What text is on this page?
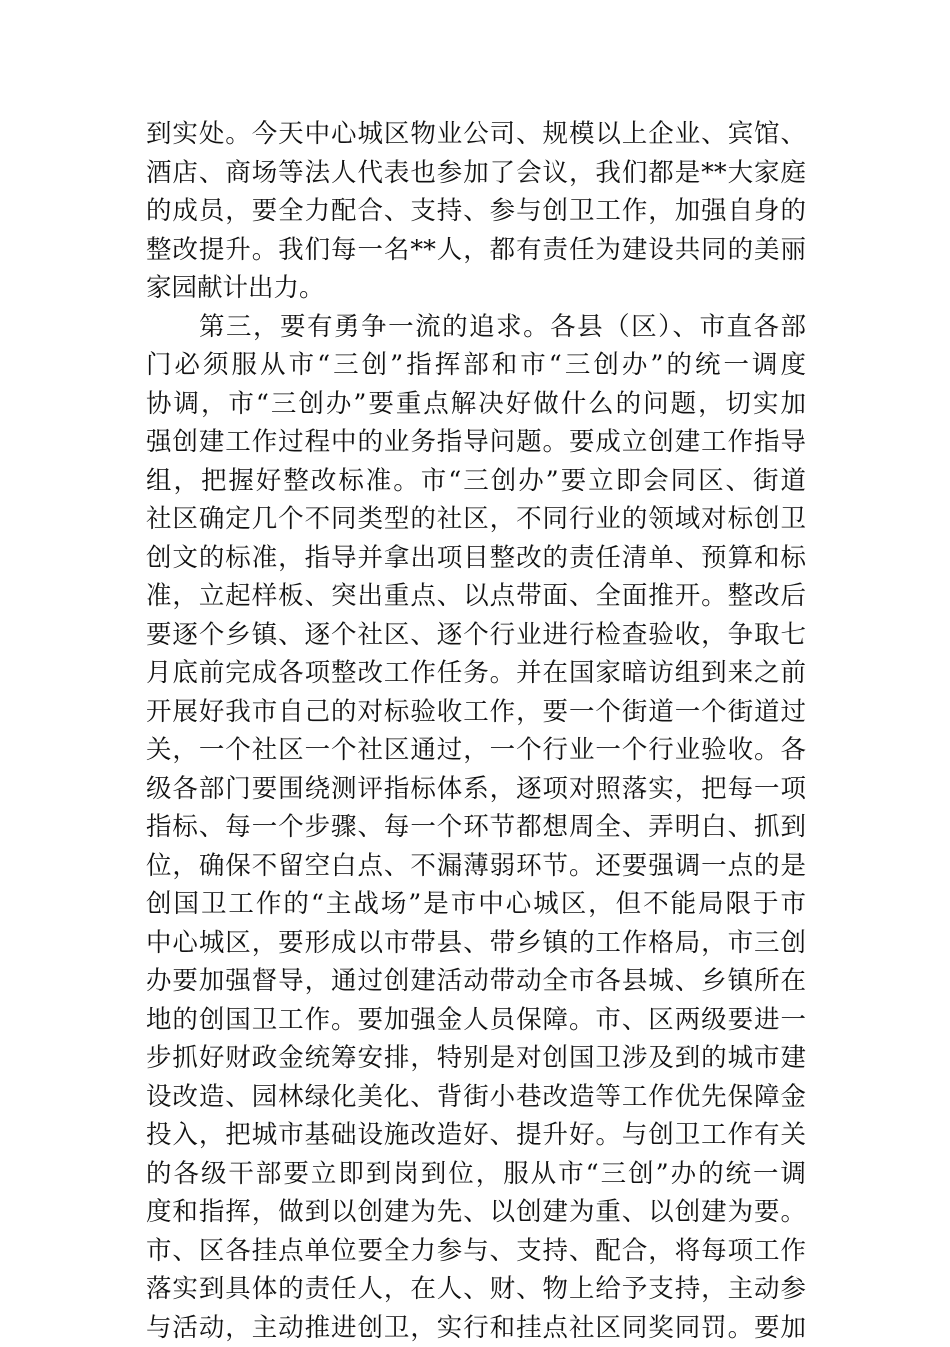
到实处。今天中心城区物业公司、规模以上企业、宾馆、
酒店、商场等法人代表也参加了会议，我们都是**大家庭
的成员，要全力配合、支持、参与创卫工作，加强自身的
整改提升。我们每一名**人，都有责任为建设共同的美丽
家园献计出力。
第三，要有勇争一流的追求。各县（区）、市直各部
门必须服从市“三创”指挥部和市“三创办”的统一调度
协调，市“三创办”要重点解决好做什么的问题，切实加
强创建工作过程中的业务指导问题。要成立创建工作指导
组，把握好整改标准。市“三创办”要立即会同区、街道
社区确定几个不同类型的社区，不同行业的领域对标创卫
创文的标准，指导并拿出项目整改的责任清单、预算和标
准，立起样板、突出重点、以点带面、全面推开。整改后
要逐个乡镇、逐个社区、逐个行业进行检查验收，争取七
月底前完成各项整改工作任务。并在国家暗访组到来之前
开展好我市自己的对标验收工作，要一个街道一个街道过
关，一个社区一个社区通过，一个行业一个行业验收。各
级各部门要围绕测评指标体系，逐项对照落实，把每一项
指标、每一个步骤、每一个环节都想周全、弄明白、抓到
位，确保不留空白点、不漏薄弱环节。还要强调一点的是
创国卫工作的“主战场”是市中心城区，但不能局限于市
中心城区，要形成以市带县、带乡镇的工作格局，市三创
办要加强督导，通过创建活动带动全市各县城、乡镇所在
地的创国卫工作。要加强金人员保障。市、区两级要进一
步抓好财政金统筹安排，特别是对创国卫涉及到的城市建
设改造、园林绿化美化、背街小巷改造等工作优先保障金
投入，把城市基础设施改造好、提升好。与创卫工作有关
的各级干部要立即到岗到位，服从市“三创”办的统一调
度和指挥，做到以创建为先、以创建为重、以创建为要。
市、区各挂点单位要全力参与、支持、配合，将每项工作
落实到具体的责任人，在人、财、物上给予支持，主动参
与活动，主动推进创卫，实行和挂点社区同奖同罚。要加
